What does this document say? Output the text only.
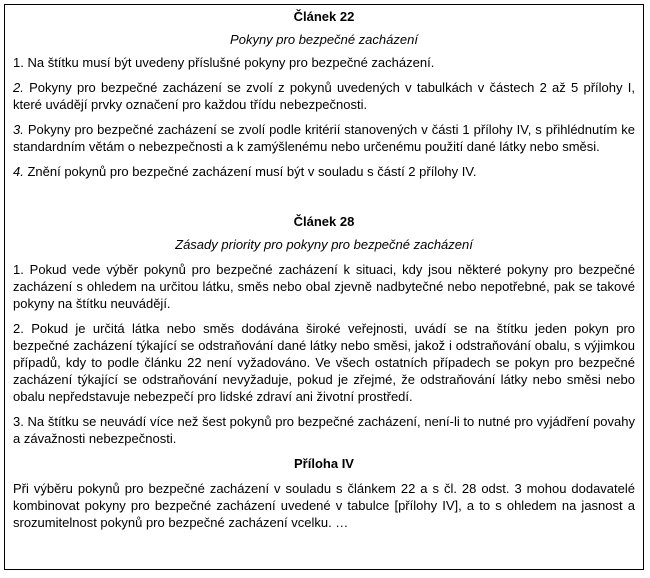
Článek 22
Pokyny pro bezpečné zacházení

1. Na štítku musí být uvedeny příslušné pokyny pro bezpečné zacházení.

2. Pokyny pro bezpečné zacházení se zvolí z pokynů uvedených v tabulkách v částech 2 až 5 přílohy I, které uvádějí prvky označení pro každou třídu nebezpečnosti.

3. Pokyny pro bezpečné zacházení se zvolí podle kritérií stanovených v části 1 přílohy IV, s přihlédnutím ke standardním větám o nebezpečnosti a k zamýšlenému nebo určenému použití dané látky nebo směsi.

4. Znění pokynů pro bezpečné zacházení musí být v souladu s částí 2 přílohy IV.

Článek 28
Zásady priority pro pokyny pro bezpečné zacházení

1. Pokud vede výběr pokynů pro bezpečné zacházení k situaci, kdy jsou některé pokyny pro bezpečné zacházení s ohledem na určitou látku, směs nebo obal zjevně nadbytečné nebo nepotřebné, pak se takové pokyny na štítku neuvádějí.

2. Pokud je určitá látka nebo směs dodávána široké veřejnosti, uvádí se na štítku jeden pokyn pro bezpečné zacházení týkající se odstraňování dané látky nebo směsi, jakož i odstraňování obalu, s výjimkou případů, kdy to podle článku 22 není vyžadováno. Ve všech ostatních případech se pokyn pro bezpečné zacházení týkající se odstraňování nevyžaduje, pokud je zřejmé, že odstraňování látky nebo směsi nebo obalu nepředstavuje nebezpečí pro lidské zdraví ani životní prostředí.

3. Na štítku se neuvádí více než šest pokynů pro bezpečné zacházení, není-li to nutné pro vyjádření povahy a závažnosti nebezpečnosti.

Příloha IV

Při výběru pokynů pro bezpečné zacházení v souladu s článkem 22 a s čl. 28 odst. 3 mohou dodavatelé kombinovat pokyny pro bezpečné zacházení uvedené v tabulce [přílohy IV], a to s ohledem na jasnost a srozumitelnost pokynů pro bezpečné zacházení vcelku. …
